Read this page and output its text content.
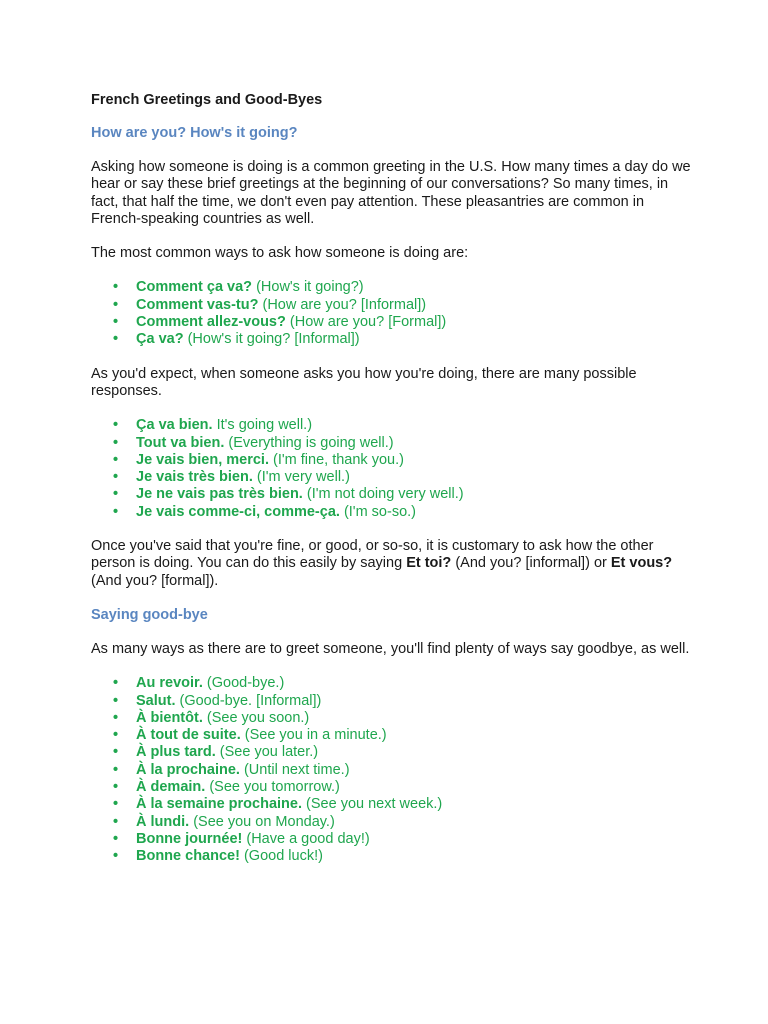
French Greetings and Good-Byes
How are you? How's it going?

Asking how someone is doing is a common greeting in the U.S. How many times a day do we hear or say these brief greetings at the beginning of our conversations? So many times, in fact, that half the time, we don't even pay attention. These pleasantries are common in French-speaking countries as well.

The most common ways to ask how someone is doing are:

• Comment ça va? (How's it going?)
• Comment vas-tu? (How are you? [Informal])
• Comment allez-vous? (How are you? [Formal])
• Ça va? (How's it going? [Informal])

As you'd expect, when someone asks you how you're doing, there are many possible responses.

• Ça va bien. It's going well.)
• Tout va bien. (Everything is going well.)
• Je vais bien, merci. (I'm fine, thank you.)
• Je vais très bien. (I'm very well.)
• Je ne vais pas très bien. (I'm not doing very well.)
• Je vais comme-ci, comme-ça. (I'm so-so.)

Once you've said that you're fine, or good, or so-so, it is customary to ask how the other person is doing. You can do this easily by saying Et toi? (And you? [informal]) or Et vous? (And you? [formal]).

Saying good-bye

As many ways as there are to greet someone, you'll find plenty of ways say goodbye, as well.

• Au revoir. (Good-bye.)
• Salut. (Good-bye. [Informal])
• À bientôt. (See you soon.)
• À tout de suite. (See you in a minute.)
• À plus tard. (See you later.)
• À la prochaine. (Until next time.)
• À demain. (See you tomorrow.)
• À la semaine prochaine. (See you next week.)
• À lundi. (See you on Monday.)
• Bonne journée! (Have a good day!)
• Bonne chance! (Good luck!)
